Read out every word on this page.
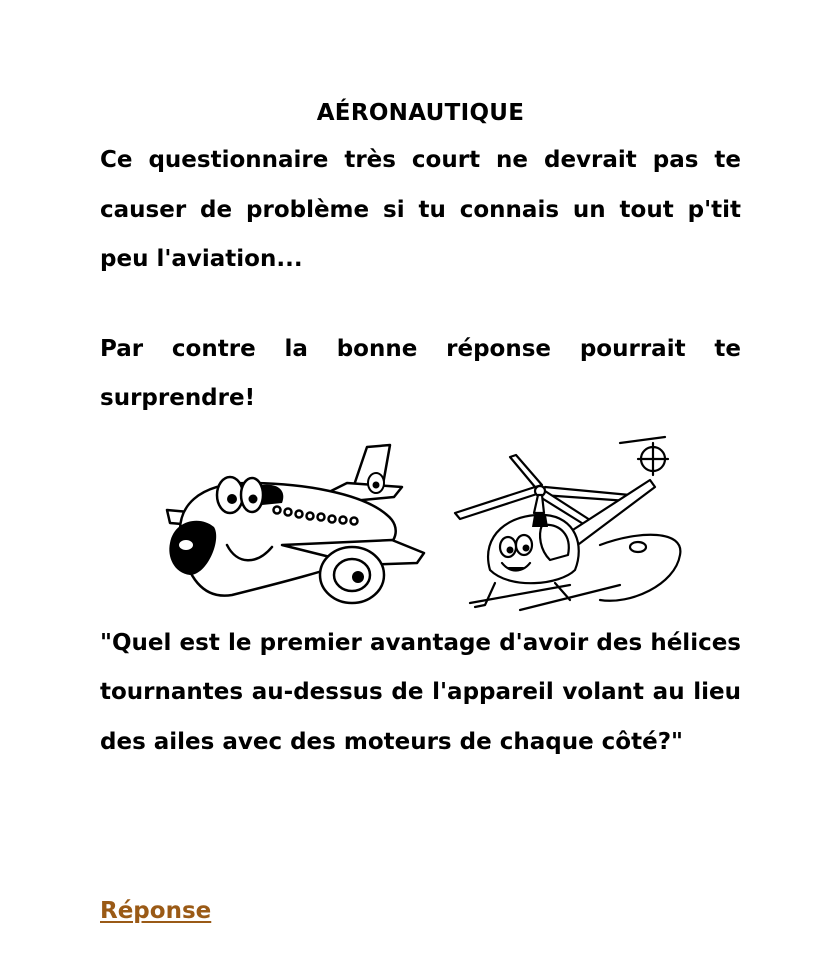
AÉRONAUTIQUE

Ce questionnaire très court ne devrait pas te causer de problème si tu connais un tout p'tit peu l'aviation...

Par contre la bonne réponse pourrait te surprendre!

"Quel est le premier avantage d'avoir des hélices tournantes au-dessus de l'appareil volant au lieu des ailes avec des moteurs de chaque côté?"

Réponse
